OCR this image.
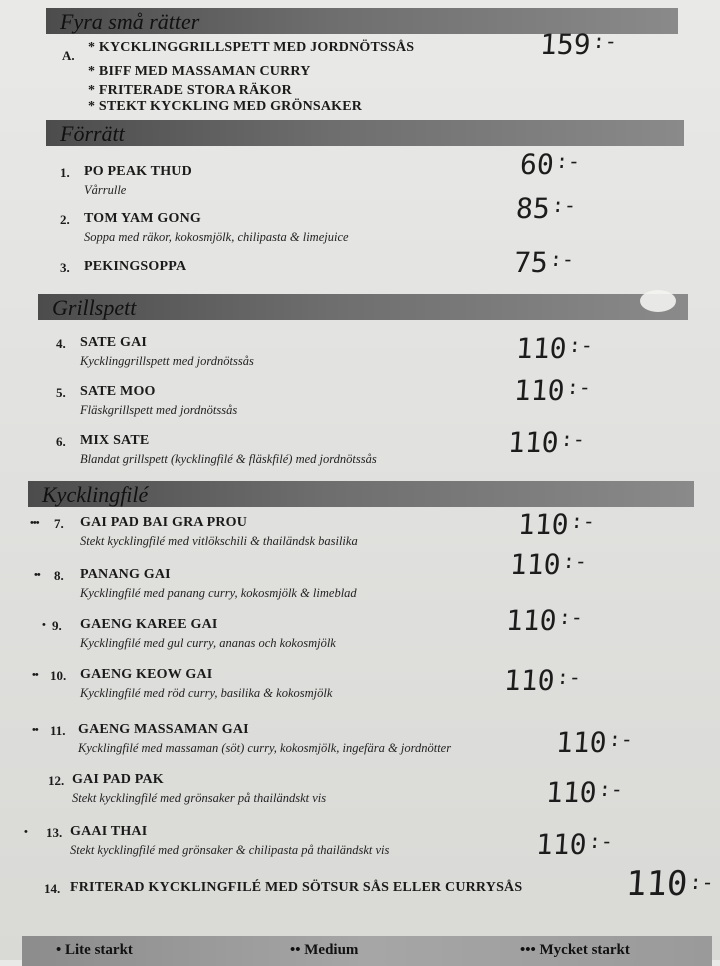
Fyra små rätter
A.
* KYCKLINGGRILLSPETT MED JORDNÖTSSÅS
* BIFF MED MASSAMAN CURRY
* FRITERADE STORA RÄKOR
* STEKT KYCKLING MED GRÖNSAKER
159:-
Förrätt
Grillspett
Kycklingfilé
1. PO PEAK THUD
Vårrulle
60:-
2. TOM YAM GONG
Soppa med räkor, kokosmjölk, chilipasta & limejuice
85:-
3. PEKINGSOPPA	75:-
4. SATE GAI
Kycklinggrillspett med jordnötssås	110:-
5. SATE MOO
Fläskgrillspett med jordnötssås
110:-
6. MIX SATE
Blandat grillspett (kycklingfilé & fläskfilé) med jordnötssås	110:-
••• 7. GAI PAD BAI GRA PROU
Stekt kycklingfilé med vitlökschili & thailändsk basilika	110:-
•• 8. PANANG GAI
Kycklingfilé med panang curry, kokosmjölk & limeblad
110:-
• 9. GAENG KAREE GAI
Kycklingfilé med gul curry, ananas och kokosmjölk
110:-
•• 10. GAENG KEOW GAI
Kycklingfilé med röd curry, basilika & kokosmjölk	110:-
•• 11. GAENG MASSAMAN GAI
Kycklingfilé med massaman (söt) curry, kokosmjölk, ingefära & jordnötter	110:-
12. GAI PAD PAK
Stekt kycklingfilé med grönsaker på thailändskt vis	110:-
• 13. GAAI THAI
Stekt kycklingfilé med grönsaker & chilipasta på thailändskt vis	110:-
14. FRITERAD KYCKLINGFILÉ MED SÖTSUR SÅS ELLER CURRYSÅS	110:-
• Lite starkt	•• Medium	••• Mycket starkt
